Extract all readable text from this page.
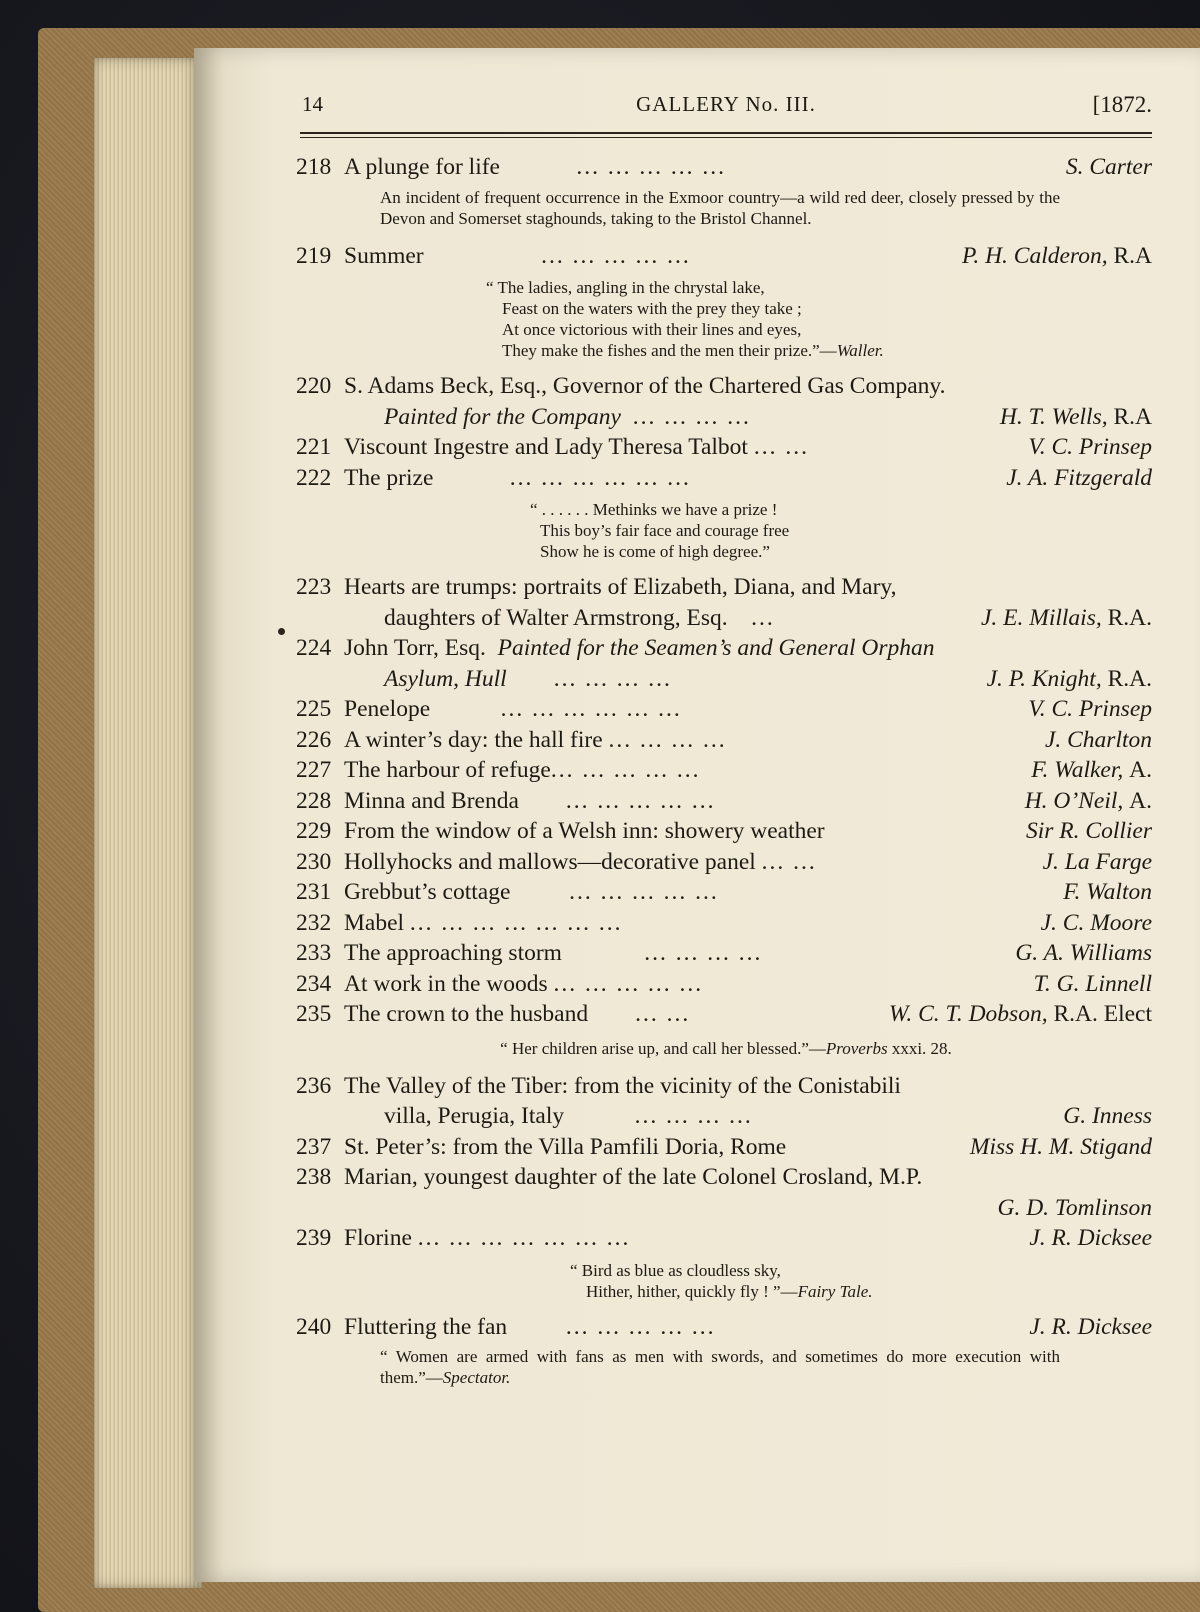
14	GALLERY No. III.	[1872.
218 A plunge for life	... ... ... ... ...	S. Carter
An incident of frequent occurrence in the Exmoor country—a wild red deer, closely pressed by the Devon and Somerset staghounds, taking to the Bristol Channel.
219 Summer	... ... ... ... ...	P. H. Calderon, R.A
“ The ladies, angling in the chrystal lake,
Feast on the waters with the prey they take ;
At once victorious with their lines and eyes,
They make the fishes and the men their prize.”—Waller.
220 S. Adams Beck, Esq., Governor of the Chartered Gas Company.
Painted for the Company ... ... ... ...	H. T. Wells, R.A
221 Viscount Ingestre and Lady Theresa Talbot ... ...	V. C. Prinsep
222 The prize	... ... ... ... ... ...	J. A. Fitzgerald
“ . . . . . . Methinks we have a prize !
This boy’s fair face and courage free
Show he is come of high degree.”
223 Hearts are trumps: portraits of Elizabeth, Diana, and Mary,
daughters of Walter Armstrong, Esq. ...	J. E. Millais, R.A.
224 John Torr, Esq. Painted for the Seamen’s and General Orphan
Asylum, Hull ... ... ... ...	J. P. Knight, R.A.
225 Penelope	... ... ... ... ... ...	V. C. Prinsep
226 A winter’s day: the hall fire ... ... ... ...	J. Charlton
227 The harbour of refuge... ... ... ... ...	F. Walker, A.
228 Minna and Brenda ... ... ... ... ...	H. O’Neil, A.
229 From the window of a Welsh inn: showery weather	Sir R. Collier
230 Hollyhocks and mallows—decorative panel ... ...	J. La Farge
231 Grebbut’s cottage	... ... ... ... ...	F. Walton
232 Mabel ... ... ... ... ... ... ...	J. C. Moore
233 The approaching storm	... ... ... ...	G. A. Williams
234 At work in the woods ... ... ... ... ...	T. G. Linnell
235 The crown to the husband ... ...	W. C. T. Dobson, R.A. Elect
“ Her children arise up, and call her blessed.”—Proverbs xxxi. 28.
236 The Valley of the Tiber: from the vicinity of the Conistabili
villa, Perugia, Italy	... ... ... ...	G. Inness
237 St. Peter’s: from the Villa Pamfili Doria, Rome	Miss H. M. Stigand
238 Marian, youngest daughter of the late Colonel Crosland, M.P.
G. D. Tomlinson
239 Florine ... ... ... ... ... ... ...	J. R. Dicksee
“ Bird as blue as cloudless sky,
Hither, hither, quickly fly ! ”—Fairy Tale.
240 Fluttering the fan	... ... ... ... ...	J. R. Dicksee
“ Women are armed with fans as men with swords, and sometimes do more execution with them.”—Spectator.
